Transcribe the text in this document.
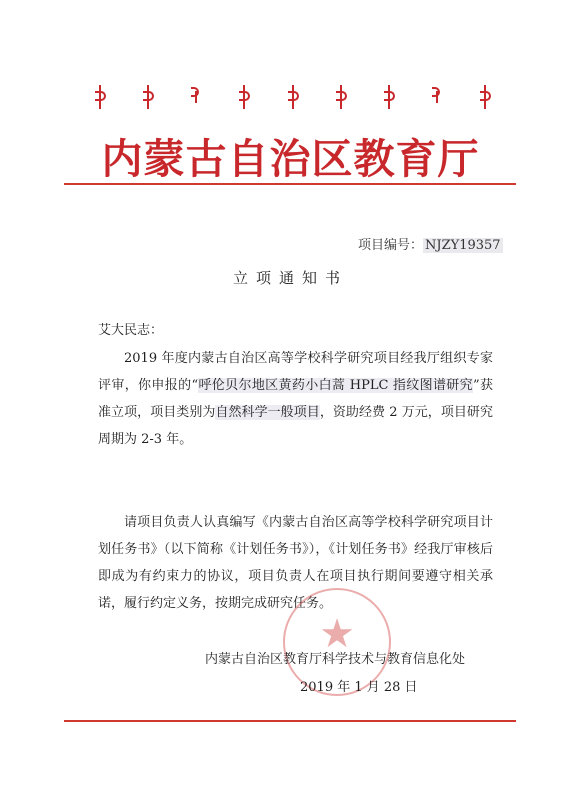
内蒙古自治区教育厅
项目编号： NJZY19357
立项通知书
艾大民志：

2019 年度内蒙古自治区高等学校科学研究项目经我厅组织专家评审，你申报的“呼伦贝尔地区黄药小白蒿 HPLC 指纹图谱研究”获准立项，项目类别为自然科学一般项目，资助经费 2 万元，项目研究周期为 2-3 年。

请项目负责人认真编写《内蒙古自治区高等学校科学研究项目计划任务书》（以下简称《计划任务书》），《计划任务书》经我厅审核后即成为有约束力的协议，项目负责人在项目执行期间要遵守相关承诺，履行约定义务，按期完成研究任务。

★
内蒙古自治区教育厅科学技术与教育信息化处
2019 年 1 月 28 日
